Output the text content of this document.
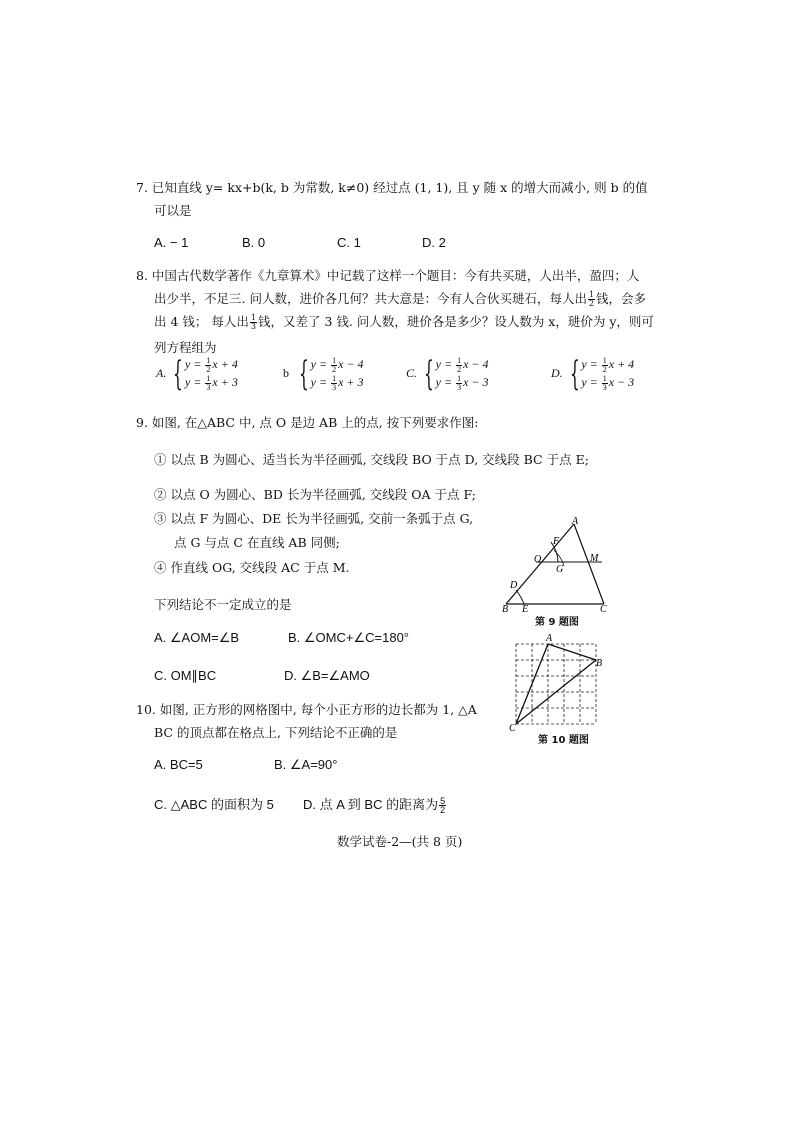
7. 已知直线 y= kx+b(k, b 为常数, k≠0) 经过点 (1, 1), 且 y 随 x 的增大而减小, 则 b 的值
可以是
A. − 1	B. 0	C. 1	D. 2
8. 中国古代数学著作《九章算术》中记载了这样一个题目：今有共买琎，人出半，盈四；人
出少半，不足三. 问人数，进价各几何？共大意是：今有人合伙买琎石，每人出 $\frac{1}{2}$ 钱，会多
出 4 钱； 每人出 $\frac{1}{3}$ 钱，又差了 3 钱. 问人数，琎价各是多少？设人数为 x，琎价为 y，则可
列方程组为
A. { $y = \frac{1}{2}$ x + 4
$y = \frac{1}{3}$ x + 3
b { $y = \frac{1}{2}$ x − 4
$y = \frac{1}{3}$ x + 3
C. { $y = \frac{1}{2}$ x − 4
$y = \frac{1}{3}$ x − 3
D. { $y = \frac{1}{2}$ x + 4
$y = \frac{1}{3}$ x − 3
9. 如图, 在△ABC 中, 点 O 是边 AB 上的点, 按下列要求作图:
① 以点 B 为圆心、适当长为半径画弧, 交线段 BO 于点 D, 交线段 BC 于点 E;
② 以点 O 为圆心、BD 长为半径画弧, 交线段 OA 于点 F;
③ 以点 F 为圆心、DE 长为半径画弧, 交前一条弧于点 G,
点 G 与点 C 在直线 AB 同侧;
④ 作直线 OG, 交线段 AC 于点 M.
下列结论不一定成立的是
A. ∠AOM=∠B	B. ∠OMC+∠C=180°
C. OM∥BC	D. ∠B=∠AMO
A
F
O
G
M
D
B E	C
第 9 题图
10. 如图, 正方形的网格图中, 每个小正方形的边长都为 1, △A
BC 的顶点都在格点上, 下列结论不正确的是
A. BC=5	B. ∠A=90°
C. △ABC 的面积为 5 D. 点 A 到 BC 的距离为 $\frac{5}{2}$
A
B
C
第 10 题图
数学试卷-2—(共 8 页)
